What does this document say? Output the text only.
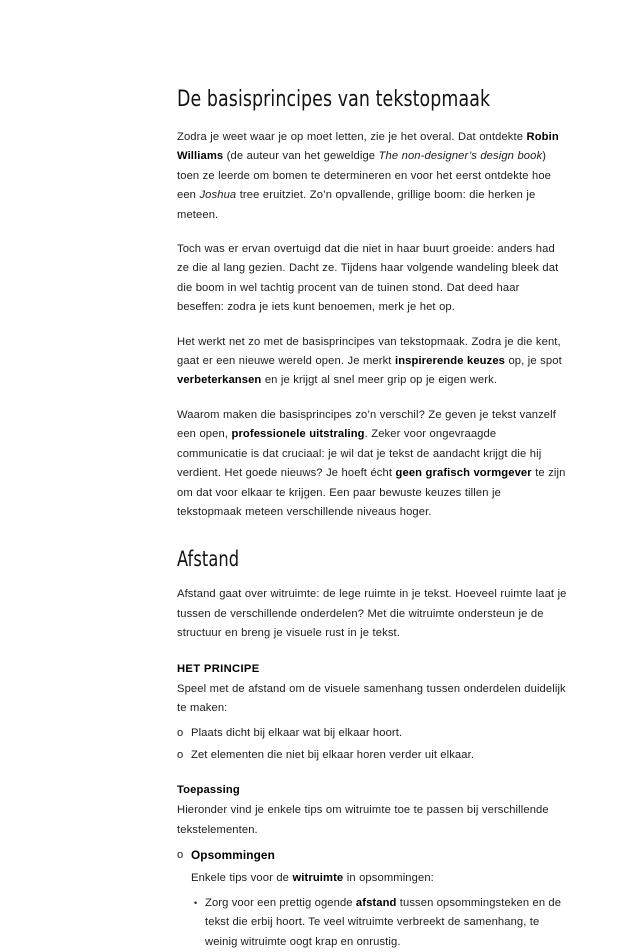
De basisprincipes van tekstopmaak

Zodra je weet waar je op moet letten, zie je het overal. Dat ontdekte Robin Williams (de auteur van het geweldige The non-designer’s design book) toen ze leerde om bomen te determineren en voor het eerst ontdekte hoe een Joshua tree eruitziet. Zo’n opvallende, grillige boom: die herken je meteen.

Toch was er ervan overtuigd dat die niet in haar buurt groeide: anders had ze die al lang gezien. Dacht ze. Tijdens haar volgende wandeling bleek dat die boom in wel tachtig procent van de tuinen stond. Dat deed haar beseffen: zodra je iets kunt benoemen, merk je het op.

Het werkt net zo met de basisprincipes van tekstopmaak. Zodra je die kent, gaat er een nieuwe wereld open. Je merkt inspirerende keuzes op, je spot verbeterkansen en je krijgt al snel meer grip op je eigen werk.

Waarom maken die basisprincipes zo’n verschil? Ze geven je tekst vanzelf een open, professionele uitstraling. Zeker voor ongevraagde communicatie is dat cruciaal: je wil dat je tekst de aandacht krijgt die hij verdient. Het goede nieuws? Je hoeft écht geen grafisch vormgever te zijn om dat voor elkaar te krijgen. Een paar bewuste keuzes tillen je tekstopmaak meteen verschillende niveaus hoger.

Afstand

Afstand gaat over witruimte: de lege ruimte in je tekst. Hoeveel ruimte laat je tussen de verschillende onderdelen? Met die witruimte ondersteun je de structuur en breng je visuele rust in je tekst.

HET PRINCIPE

Speel met de afstand om de visuele samenhang tussen onderdelen duidelijk te maken:

o Plaats dicht bij elkaar wat bij elkaar hoort.
o Zet elementen die niet bij elkaar horen verder uit elkaar.
Toepassing

Hieronder vind je enkele tips om witruimte toe te passen bij verschillende tekstelementen.

o Opsommingen

Enkele tips voor de witruimte in opsommingen:

• Zorg voor een prettig ogende afstand tussen opsommingsteken en de tekst die erbij hoort. Te veel witruimte verbreekt de samenhang, te weinig witruimte oogt krap en onrustig.
